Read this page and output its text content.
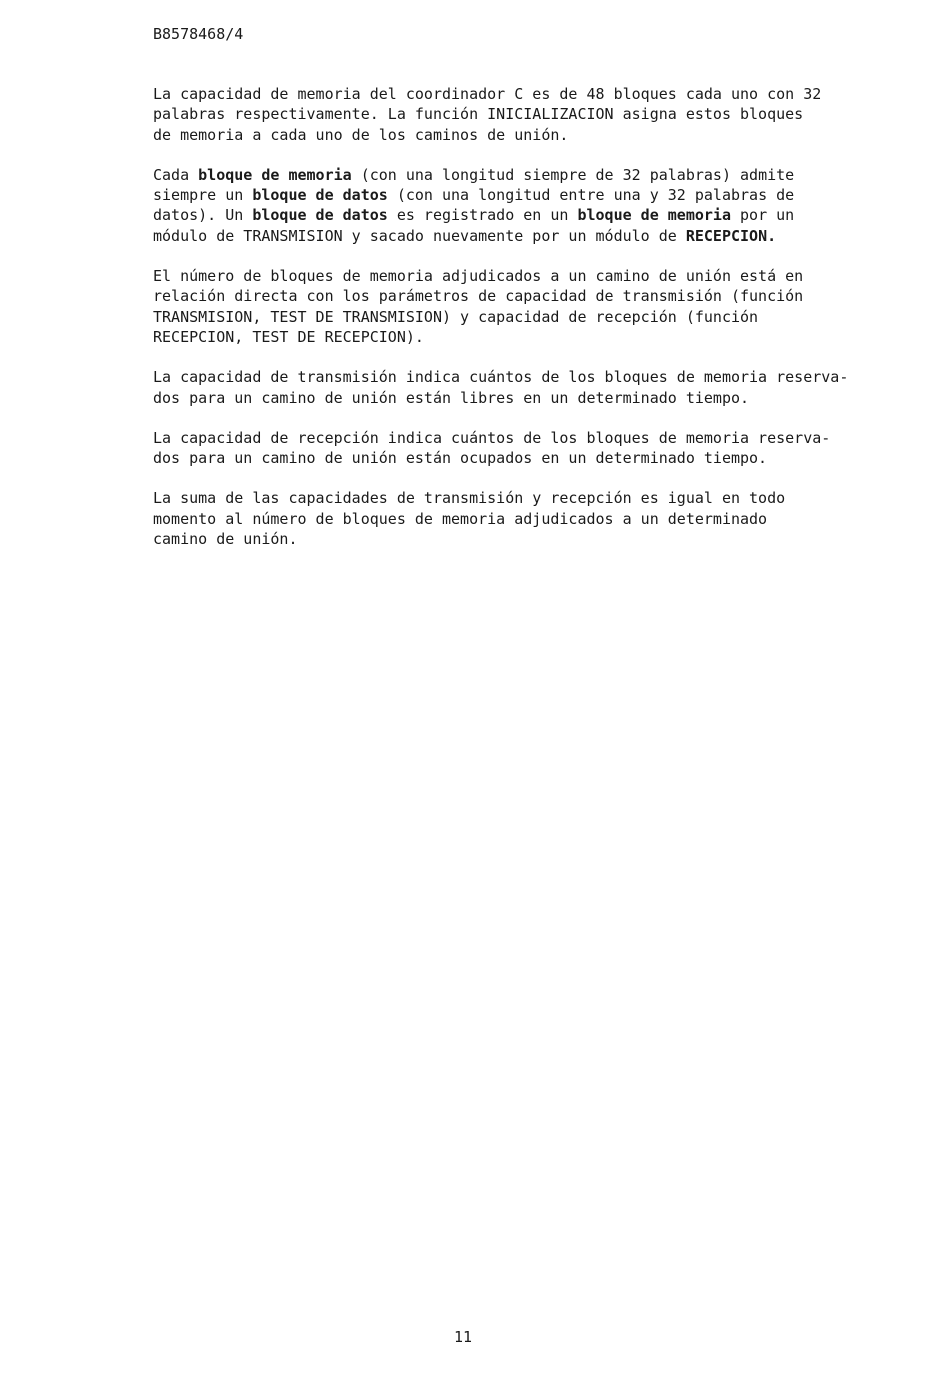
B8578468/4

La capacidad de memoria del coordinador C es de 48 bloques cada uno con 32
palabras respectivamente. La función INICIALIZACION asigna estos bloques
de memoria a cada uno de los caminos de unión.

Cada bloque de memoria (con una longitud siempre de 32 palabras) admite
siempre un bloque de datos (con una longitud entre una y 32 palabras de
datos). Un bloque de datos es registrado en un bloque de memoria por un
módulo de TRANSMISION y sacado nuevamente por un módulo de RECEPCION.

El número de bloques de memoria adjudicados a un camino de unión está en
relación directa con los parámetros de capacidad de transmisión (función
TRANSMISION, TEST DE TRANSMISION) y capacidad de recepción (función
RECEPCION, TEST DE RECEPCION).

La capacidad de transmisión indica cuántos de los bloques de memoria reserva-
dos para un camino de unión están libres en un determinado tiempo.

La capacidad de recepción indica cuántos de los bloques de memoria reserva-
dos para un camino de unión están ocupados en un determinado tiempo.

La suma de las capacidades de transmisión y recepción es igual en todo
momento al número de bloques de memoria adjudicados a un determinado
camino de unión.

11
